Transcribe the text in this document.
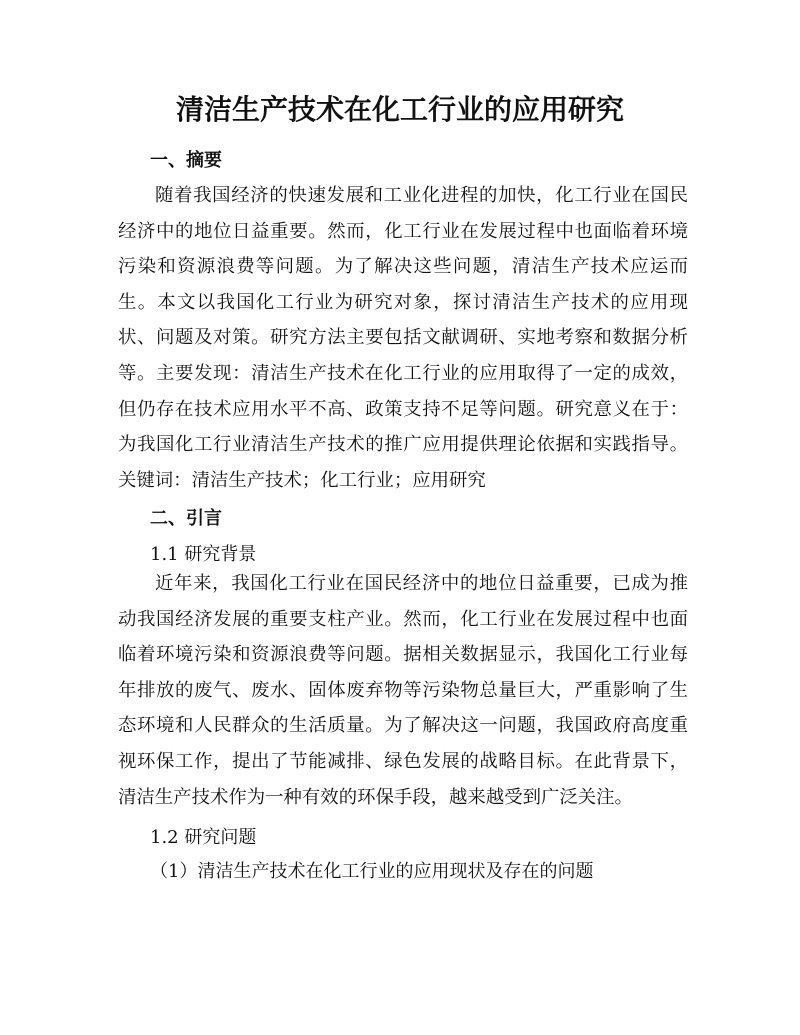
清洁生产技术在化工行业的应用研究
一、摘要

随着我国经济的快速发展和工业化进程的加快，化工行业在国民经济中的地位日益重要。然而，化工行业在发展过程中也面临着环境污染和资源浪费等问题。为了解决这些问题，清洁生产技术应运而生。本文以我国化工行业为研究对象，探讨清洁生产技术的应用现状、问题及对策。研究方法主要包括文献调研、实地考察和数据分析等。主要发现：清洁生产技术在化工行业的应用取得了一定的成效，但仍存在技术应用水平不高、政策支持不足等问题。研究意义在于：为我国化工行业清洁生产技术的推广应用提供理论依据和实践指导。关键词：清洁生产技术；化工行业；应用研究

二、引言
1.1 研究背景

近年来，我国化工行业在国民经济中的地位日益重要，已成为推动我国经济发展的重要支柱产业。然而，化工行业在发展过程中也面临着环境污染和资源浪费等问题。据相关数据显示，我国化工行业每年排放的废气、废水、固体废弃物等污染物总量巨大，严重影响了生态环境和人民群众的生活质量。为了解决这一问题，我国政府高度重视环保工作，提出了节能减排、绿色发展的战略目标。在此背景下，清洁生产技术作为一种有效的环保手段，越来越受到广泛关注。

1.2 研究问题
（1）清洁生产技术在化工行业的应用现状及存在的问题
